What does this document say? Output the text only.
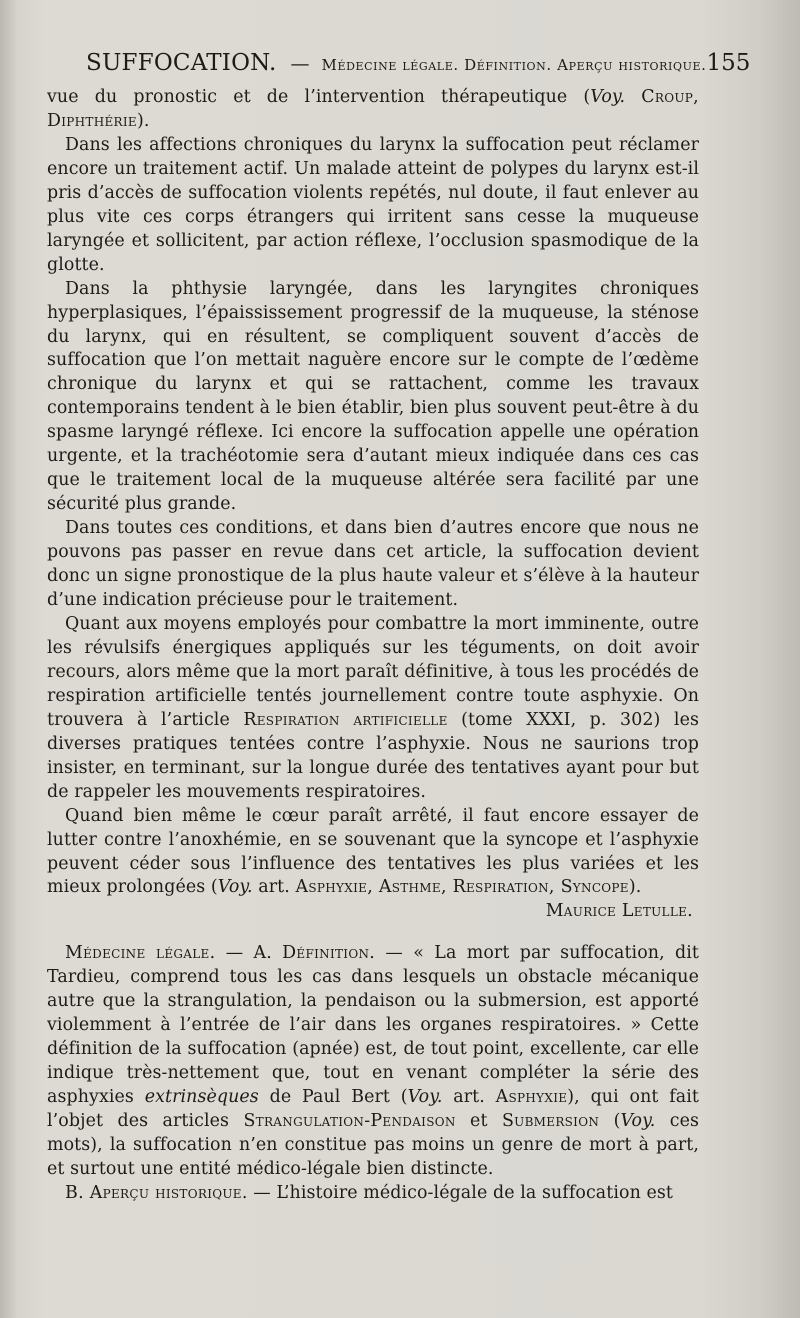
SUFFOCATION. — Médecine légale. Définition. Aperçu historique. 155

vue du pronostic et de l’intervention thérapeutique (Voy. Croup, Diphthérie).

Dans les affections chroniques du larynx la suffocation peut réclamer encore un traitement actif. Un malade atteint de polypes du larynx est-il pris d’accès de suffocation violents repétés, nul doute, il faut enlever au plus vite ces corps étrangers qui irritent sans cesse la muqueuse laryngée et sollicitent, par action réflexe, l’occlusion spasmodique de la glotte.

Dans la phthysie laryngée, dans les laryngites chroniques hyperplasiques, l’épaississement progressif de la muqueuse, la sténose du larynx, qui en résultent, se compliquent souvent d’accès de suffocation que l’on mettait naguère encore sur le compte de l’œdème chronique du larynx et qui se rattachent, comme les travaux contemporains tendent à le bien établir, bien plus souvent peut-être à du spasme laryngé réflexe. Ici encore la suffocation appelle une opération urgente, et la trachéotomie sera d’autant mieux indiquée dans ces cas que le traitement local de la muqueuse altérée sera facilité par une sécurité plus grande.

Dans toutes ces conditions, et dans bien d’autres encore que nous ne pouvons pas passer en revue dans cet article, la suffocation devient donc un signe pronostique de la plus haute valeur et s’élève à la hauteur d’une indication précieuse pour le traitement.

Quant aux moyens employés pour combattre la mort imminente, outre les révulsifs énergiques appliqués sur les téguments, on doit avoir recours, alors même que la mort paraît définitive, à tous les procédés de respiration artificielle tentés journellement contre toute asphyxie. On trouvera à l’article Respiration artificielle (tome XXXI, p. 302) les diverses pratiques tentées contre l’asphyxie. Nous ne saurions trop insister, en terminant, sur la longue durée des tentatives ayant pour but de rappeler les mouvements respiratoires.

Quand bien même le cœur paraît arrêté, il faut encore essayer de lutter contre l’anoxhémie, en se souvenant que la syncope et l’asphyxie peuvent céder sous l’influence des tentatives les plus variées et les mieux prolongées (Voy. art. Asphyxie, Asthme, Respiration, Syncope).

Maurice Letulle.

Médecine légale. — A. Définition. — « La mort par suffocation, dit Tardieu, comprend tous les cas dans lesquels un obstacle mécanique autre que la strangulation, la pendaison ou la submersion, est apporté violemment à l’entrée de l’air dans les organes respiratoires. » Cette définition de la suffocation (apnée) est, de tout point, excellente, car elle indique très-nettement que, tout en venant compléter la série des asphyxies extrinsèques de Paul Bert (Voy. art. Asphyxie), qui ont fait l’objet des articles Strangulation-Pendaison et Submersion (Voy. ces mots), la suffocation n’en constitue pas moins un genre de mort à part, et surtout une entité médico-légale bien distincte.

B. Aperçu historique. — L’histoire médico-légale de la suffocation est
